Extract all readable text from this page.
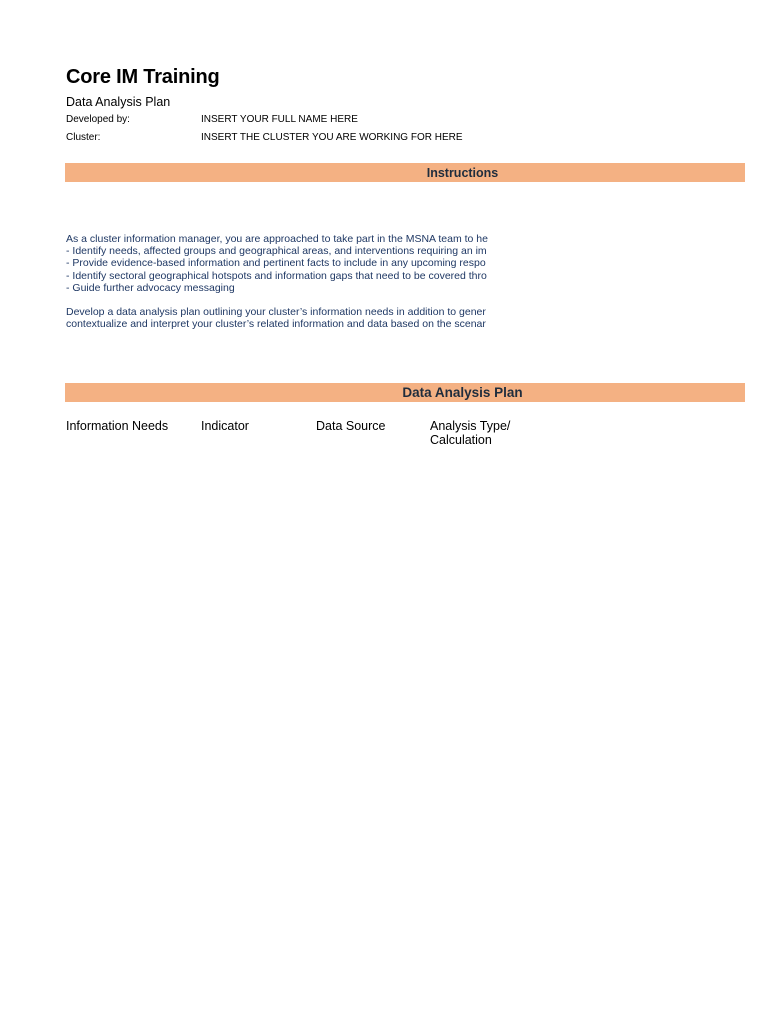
Core IM Training
Data Analysis Plan
Developed by:	INSERT YOUR FULL NAME HERE
Cluster:	INSERT THE CLUSTER YOU ARE WORKING FOR HERE
Instructions
As a cluster information manager, you are approached to take part in the MSNA team to he
- Identify needs, affected groups and geographical areas, and interventions requiring an im
- Provide evidence-based information and pertinent facts to include in any upcoming respo
- Identify sectoral geographical hotspots and information gaps that need to be covered thro
- Guide further advocacy messaging
Develop a data analysis plan outlining your cluster’s information needs in addition to gener
contextualize and interpret your cluster’s related information and data based on the scenar
Data Analysis Plan
Information Needs	Indicator	Data Source	Analysis Type/
Calculation
